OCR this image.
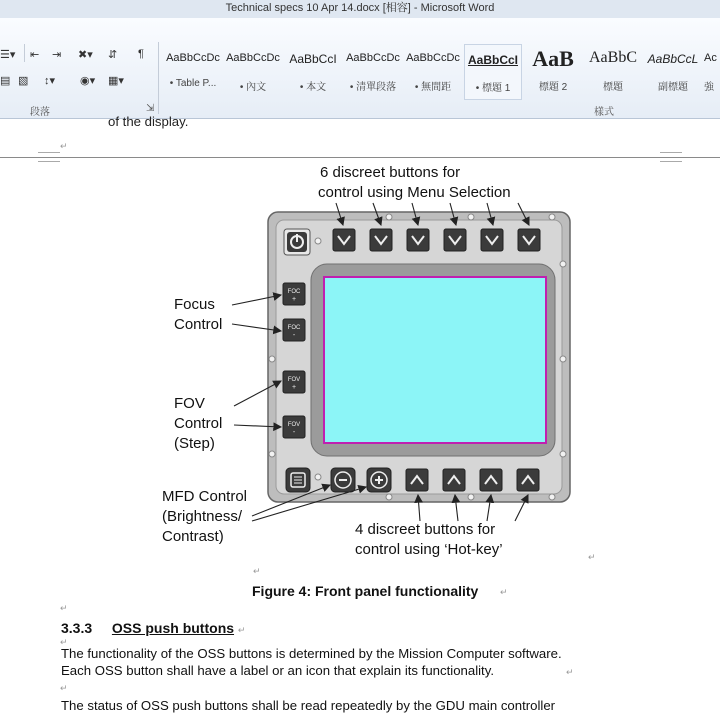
Technical specs 10 Apr 14.docx [相容] - Microsoft Word
☰▾ ⇤ ⇥ ✖▾ ⇵ ¶
▤ ▧ ↕▾ ◉▾ ▦▾
段落	⇲
AaBbCcDc
• Table P...
AaBbCcDc
• 內文
AaBbCcI
• 本文
AaBbCcDc
• 清單段落
AaBbCcDc
• 無間距
AaBbCcI
• 標題 1
AaB
標題 2
AaBbC
標題
AaBbCcL
副標題
Ac
強
樣式
of the display.
↵
6 discreet buttons for
control using Menu Selection
FOC
+
FOC
-
FOV
+
FOV
-
Focus
Control
FOV
Control
(Step)
MFD Control
(Brightness/
Contrast)	4 discreet buttons for
control using ‘Hot-key’	↵
↵
Figure 4: Front panel functionality ↵
↵
3.3.3 OSS push buttons ↵
↵
The functionality of the OSS buttons is determined by the Mission Computer software.
Each OSS button shall have a label or an icon that explain its functionality.	↵
↵
The status of OSS push buttons shall be read repeatedly by the GDU main controller
